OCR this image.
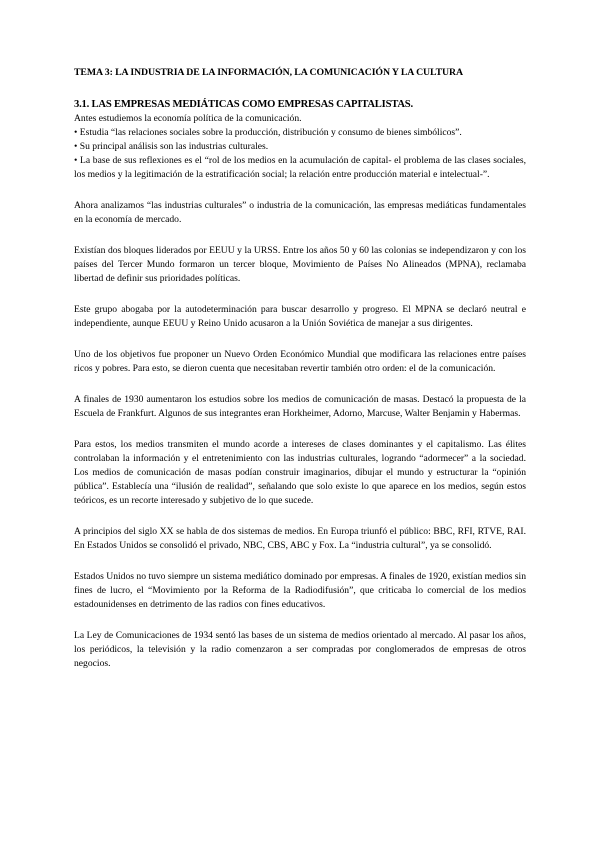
TEMA 3: LA INDUSTRIA DE LA INFORMACIÓN, LA COMUNICACIÓN Y LA CULTURA
3.1. LAS EMPRESAS MEDIÁTICAS COMO EMPRESAS CAPITALISTAS.
Antes estudiemos la economía política de la comunicación.
• Estudia “las relaciones sociales sobre la producción, distribución y consumo de bienes simbólicos”.
• Su principal análisis son las industrias culturales.
• La base de sus reflexiones es el “rol de los medios en la acumulación de capital- el problema de las clases sociales, los medios y la legitimación de la estratificación social; la relación entre producción material e intelectual-”.

Ahora analizamos “las industrias culturales” o industria de la comunicación, las empresas mediáticas fundamentales en la economía de mercado.

Existían dos bloques liderados por EEUU y la URSS. Entre los años 50 y 60 las colonias se independizaron y con los países del Tercer Mundo formaron un tercer bloque, Movimiento de Países No Alineados (MPNA), reclamaba libertad de definir sus prioridades políticas.

Este grupo abogaba por la autodeterminación para buscar desarrollo y progreso. El MPNA se declaró neutral e independiente, aunque EEUU y Reino Unido acusaron a la Unión Soviética de manejar a sus dirigentes.

Uno de los objetivos fue proponer un Nuevo Orden Económico Mundial que modificara las relaciones entre países ricos y pobres. Para esto, se dieron cuenta que necesitaban revertir también otro orden: el de la comunicación.

A finales de 1930 aumentaron los estudios sobre los medios de comunicación de masas. Destacó la propuesta de la Escuela de Frankfurt. Algunos de sus integrantes eran Horkheimer, Adorno, Marcuse, Walter Benjamin y Habermas.

Para estos, los medios transmiten el mundo acorde a intereses de clases dominantes y el capitalismo. Las élites controlaban la información y el entretenimiento con las industrias culturales, logrando “adormecer” a la sociedad. Los medios de comunicación de masas podían construir imaginarios, dibujar el mundo y estructurar la “opinión pública”. Establecía una “ilusión de realidad”, señalando que solo existe lo que aparece en los medios, según estos teóricos, es un recorte interesado y subjetivo de lo que sucede.

A principios del siglo XX se habla de dos sistemas de medios. En Europa triunfó el público: BBC, RFI, RTVE, RAI. En Estados Unidos se consolidó el privado, NBC, CBS, ABC y Fox. La “industria cultural”, ya se consolidó.

Estados Unidos no tuvo siempre un sistema mediático dominado por empresas. A finales de 1920, existían medios sin fines de lucro, el “Movimiento por la Reforma de la Radiodifusión”, que criticaba lo comercial de los medios estadounidenses en detrimento de las radios con fines educativos.

La Ley de Comunicaciones de 1934 sentó las bases de un sistema de medios orientado al mercado. Al pasar los años, los periódicos, la televisión y la radio comenzaron a ser compradas por conglomerados de empresas de otros negocios.
